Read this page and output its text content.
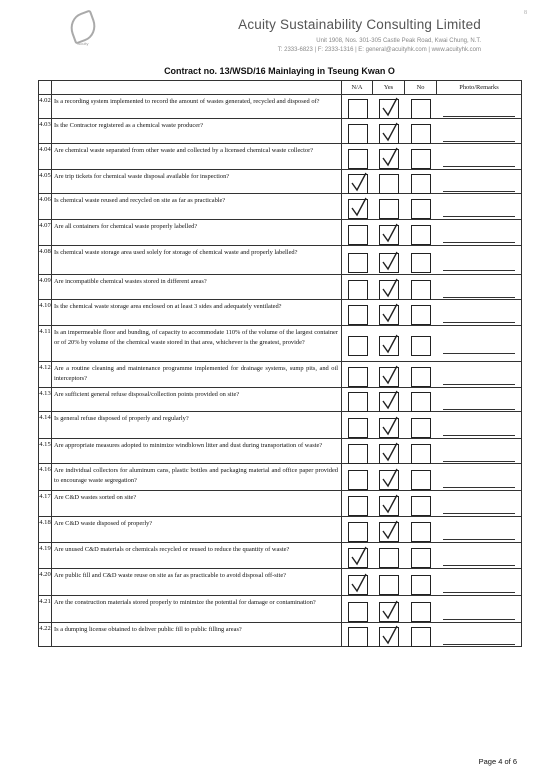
Acuity
Acuity Sustainability Consulting Limited
Unit 1908, Nos. 301-305 Castle Peak Road, Kwai Chung, N.T.
T: 2333-6823 | F: 2333-1316 | E: general@acuityhk.com | www.acuityhk.com
8
Contract no. 13/WSD/16 Mainlaying in Tseung Kwan O
		N/A	Yes	No	Photo/Remarks
4.02	Is a recording system implemented to record the amount of wastes generated, recycled and disposed of?	

4.03	Is the Contractor registered as a chemical waste producer?	

4.04	Are chemical waste separated from other waste and collected by a licensed chemical waste collector?	

4.05	Are trip tickets for chemical waste disposal available for inspection?	

4.06	Is chemical waste reused and recycled on site as far as practicable?	

4.07	Are all containers for chemical waste properly labelled?	

4.08	Is chemical waste storage area used solely for storage of chemical waste and properly labelled?	

4.09	Are incompatible chemical wastes stored in different areas?	

4.10	Is the chemical waste storage area enclosed on at least 3 sides and adequately ventilated?	

4.11	Is an impermeable floor and bunding, of capacity to accommodate 110% of the volume of the largest container or of 20% by volume of the chemical waste stored in that area, whichever is the greatest, provide?	

4.12	Are a routine cleaning and maintenance programme implemented for drainage systems, sump pits, and oil interceptors?	

4.13	Are sufficient general refuse disposal/collection points provided on site?	

4.14	Is general refuse disposed of properly and regularly?	

4.15	Are appropriate measures adopted to minimize windblown litter and dust during transportation of waste?	

4.16	Are individual collectors for aluminum cans, plastic bottles and packaging material and office paper provided to encourage waste segregation?	

4.17	Are C&D wastes sorted on site?	

4.18	Are C&D waste disposed of properly?	

4.19	Are unused C&D materials or chemicals recycled or reused to reduce the quantity of waste?	

4.20	Are public fill and C&D waste reuse on site as far as practicable to avoid disposal off-site?	

4.21	Are the construction materials stored properly to minimize the potential for damage or contamination?	

4.22	Is a dumping license obtained to deliver public fill to public filling areas?	

Page 4 of 6
